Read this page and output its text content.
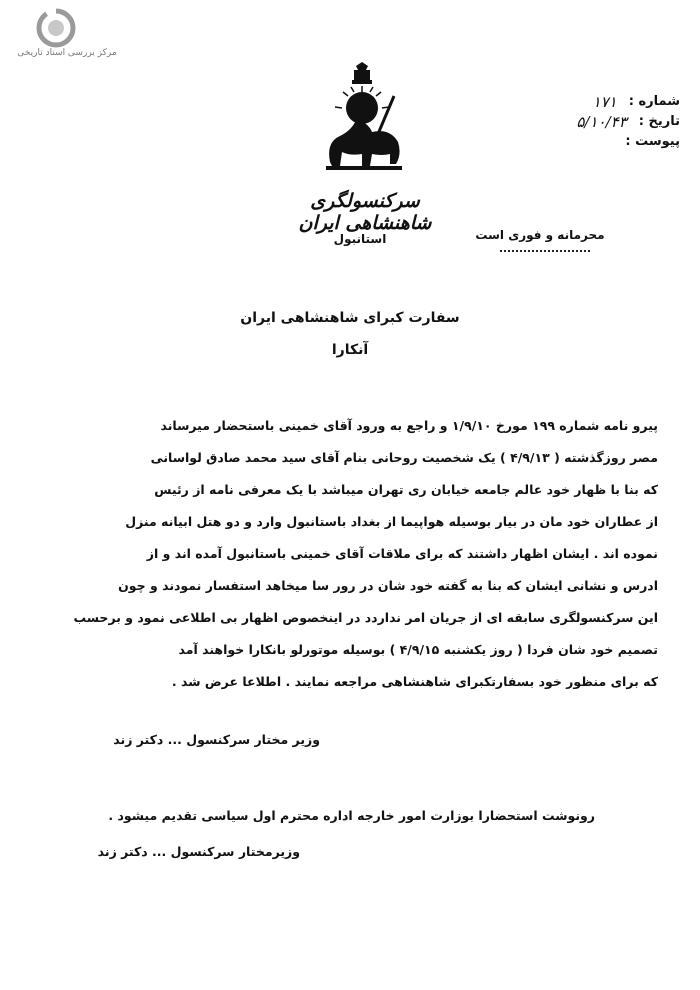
مرکز بررسی اسناد تاریخی
شماره :
۱۷۱
تاریخ :
۵/۱۰/۴۳
پیوست :
سرکنسولگری شاهنشاهی ایران
استانبول	محرمانه و فوری است
سفارت کبرای شاهنشاهی ایران
آنکارا
پیرو نامه شماره ۱۹۹ مورخ ۱/۹/۱۰ و راجع به ورود آقای خمینی باستحضار میرساند
مصر روزگذشته ( ۴/۹/۱۳ ) یک شخصیت روحانی بنام آقای سید محمد صادق لواسانی
که بنا با ظهار خود عالم جامعه خیابان ری تهران میباشد با یک معرفی نامه از رئیس
از عطاران خود مان در بیار بوسیله هواپیما از بغداد باستانبول وارد و دو هتل ابیانه منزل
نموده اند . ایشان اظهار داشتند که برای ملاقات آقای خمینی باستانبول آمده اند و از
ادرس و نشانی ایشان که بنا به گفته خود شان در رور سا میخاهد استفسار نمودند و چون
این سرکنسولگری سابقه ای از جریان امر نداردد در اینخصوص اظهار بی اطلاعی نمود و برحسب
تصمیم خود شان فردا ( روز یکشنبه ۴/۹/۱۵ ) بوسیله موتورلو بانکارا خواهند آمد
که برای منظور خود بسفارتکبرای شاهنشاهی مراجعه نمایند . اطلاعا عرض شد .
وزیر مختار سرکنسول ... دکتر زند
رونوشت استحضارا بوزارت امور خارجه اداره محترم اول سیاسی تقدیم میشود .
وزیرمختار سرکنسول ... دکتر زند
